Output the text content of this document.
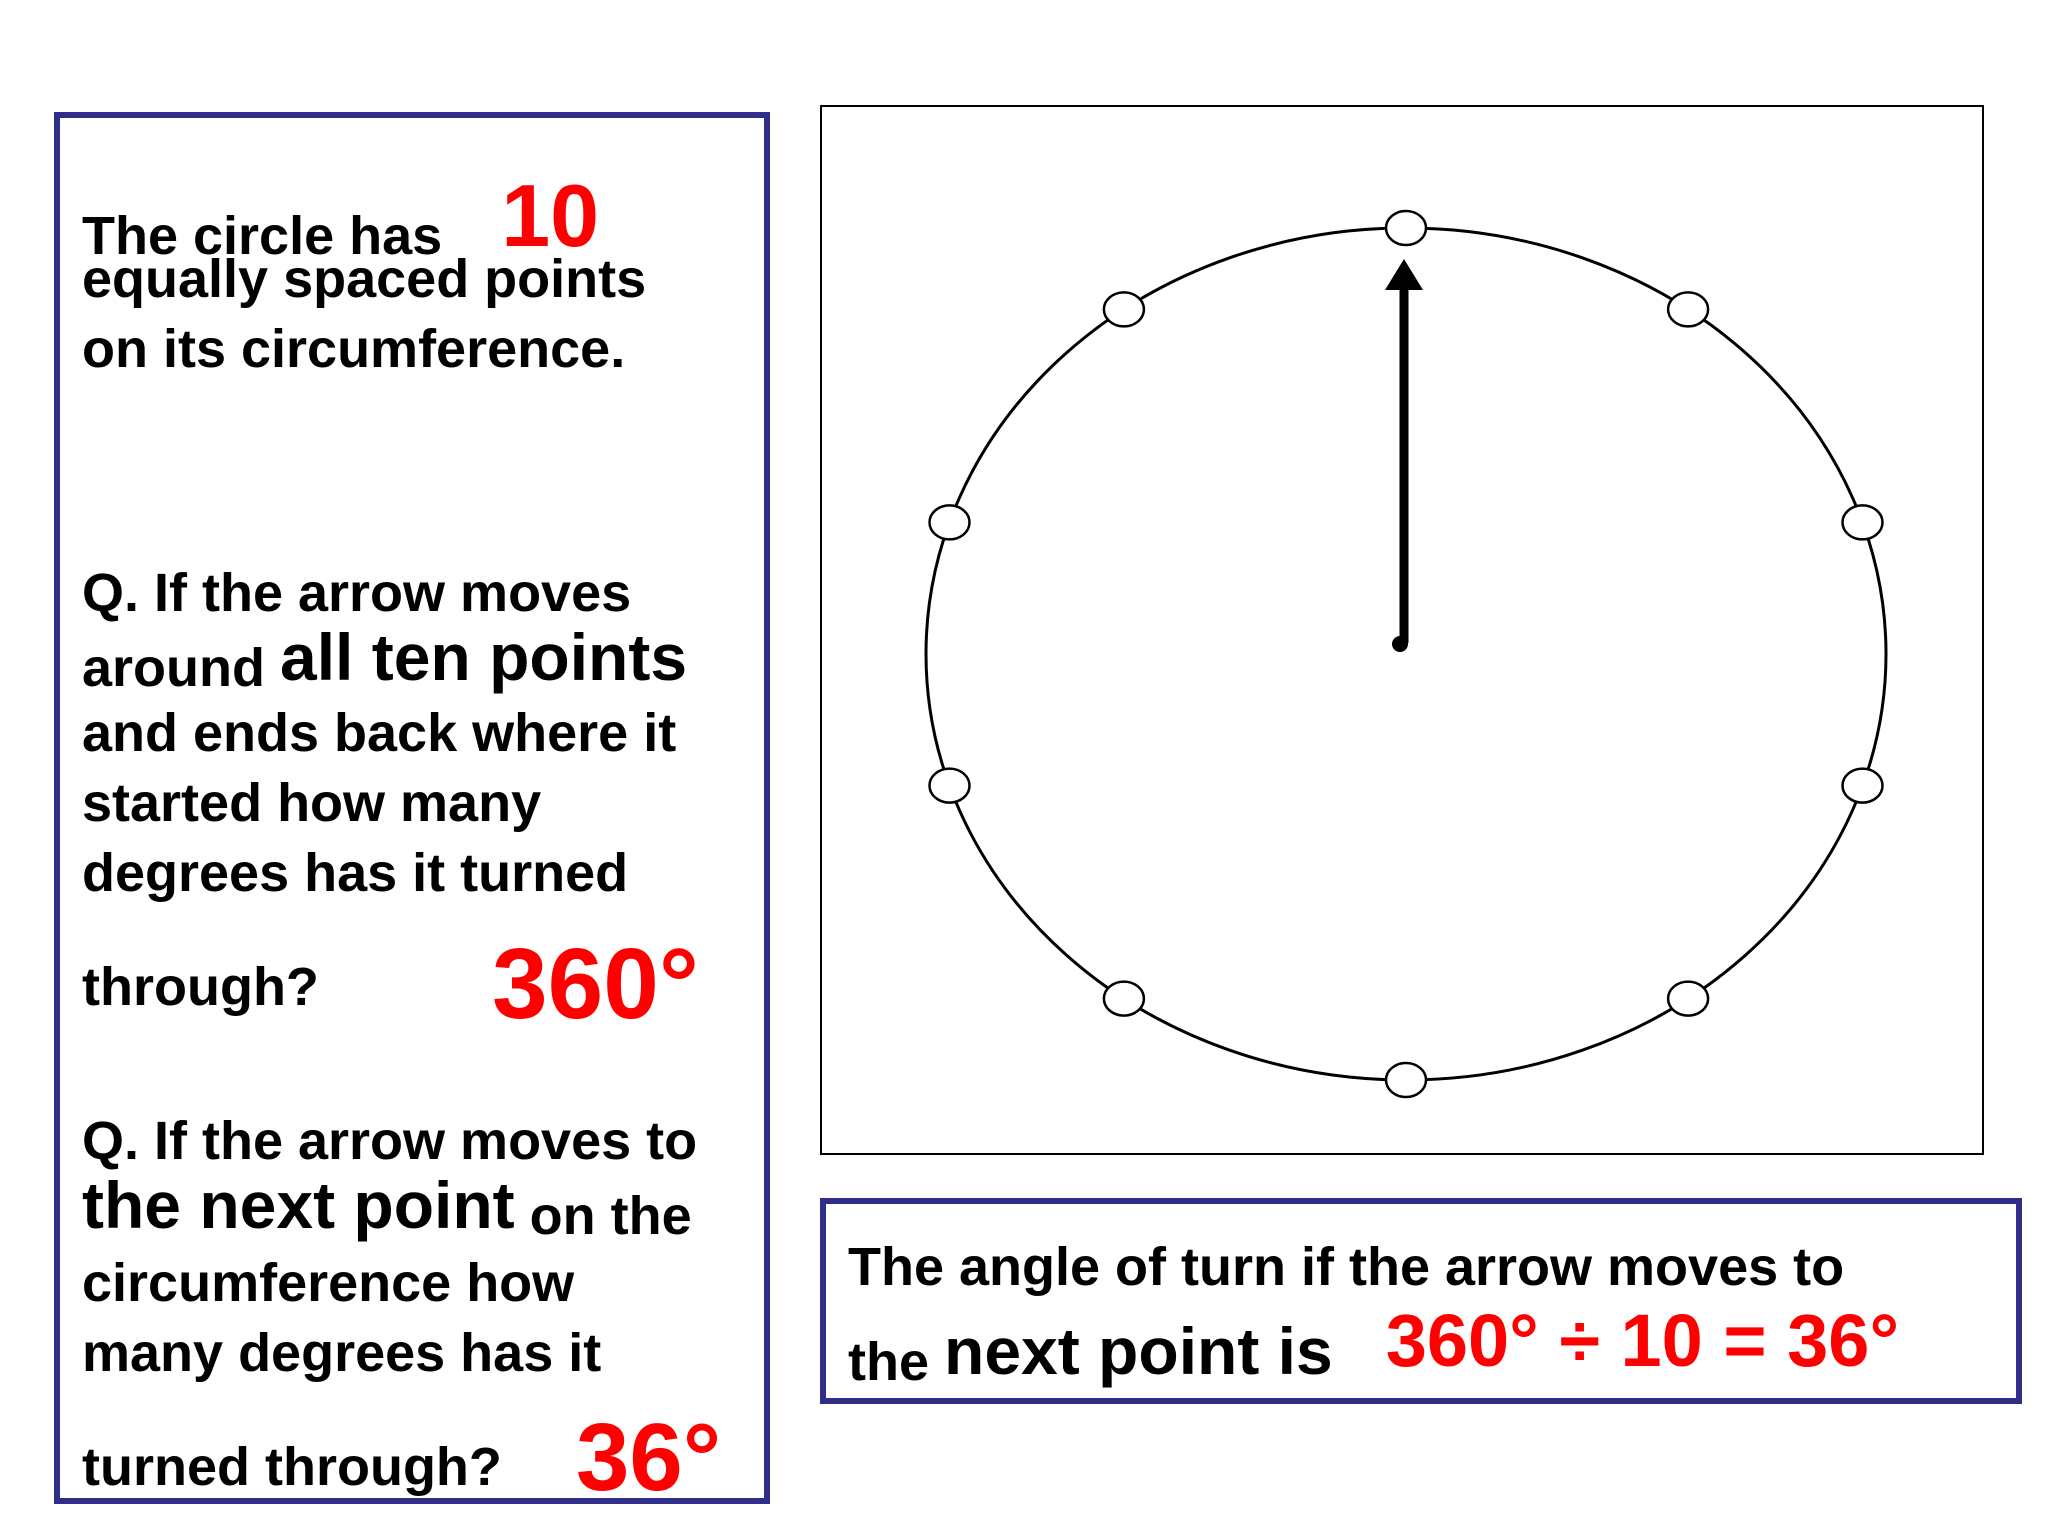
The circle has 10
equally spaced points
on its circumference.
Q. If the arrow moves
around all ten points
and ends back where it
started how many
degrees has it turned
through? 360°
Q. If the arrow moves to
the next point on the
circumference how
many degrees has it
turned through? 36°
The angle of turn if the arrow moves to
the next point is 360° ÷ 10 = 36°
